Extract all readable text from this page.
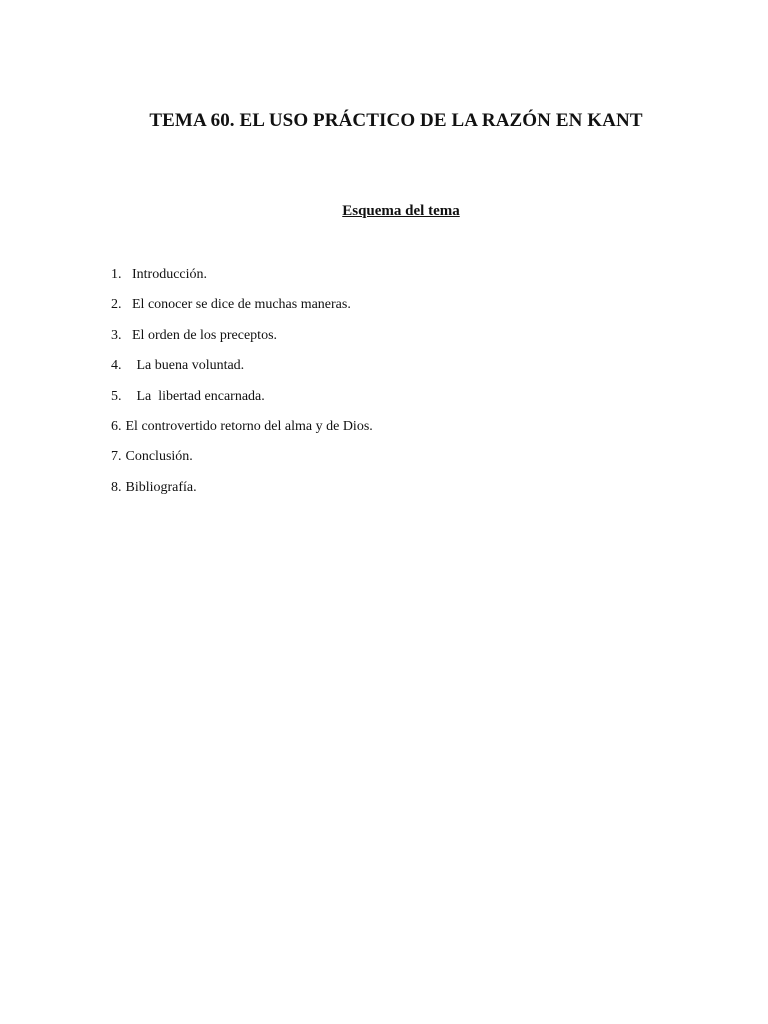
TEMA 60. EL USO PRÁCTICO DE LA RAZÓN EN KANT
Esquema del tema
1. Introducción.
2. El conocer se dice de muchas maneras.
3. El orden de los preceptos.
4. La buena voluntad.
5. La  libertad encarnada.
6. El controvertido retorno del alma y de Dios.
7. Conclusión.
8. Bibliografía.
